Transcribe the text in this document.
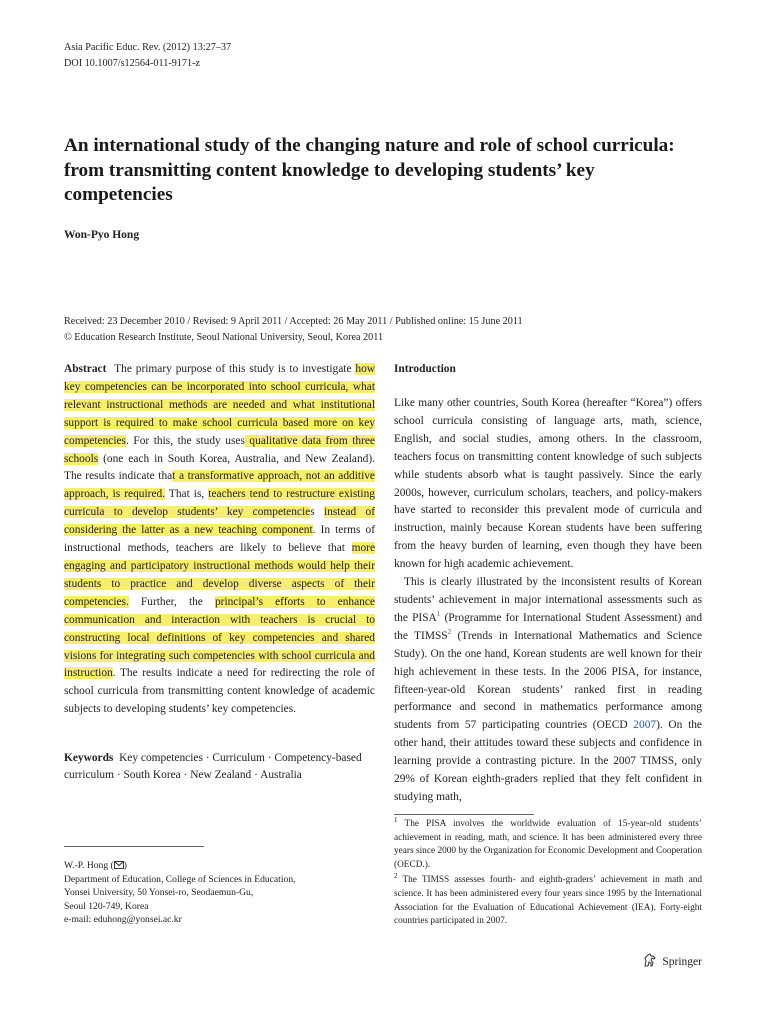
Asia Pacific Educ. Rev. (2012) 13:27–37
DOI 10.1007/s12564-011-9171-z
An international study of the changing nature and role of school curricula: from transmitting content knowledge to developing students’ key competencies
Won-Pyo Hong
Received: 23 December 2010 / Revised: 9 April 2011 / Accepted: 26 May 2011 / Published online: 15 June 2011
© Education Research Institute, Seoul National University, Seoul, Korea 2011

Abstract The primary purpose of this study is to investigate how key competencies can be incorporated into school curricula, what relevant instructional methods are needed and what institutional support is required to make school curricula based more on key competencies. For this, the study uses qualitative data from three schools (one each in South Korea, Australia, and New Zealand). The results indicate that a transformative approach, not an additive approach, is required. That is, teachers tend to restructure existing curricula to develop students’ key competencies instead of considering the latter as a new teaching component. In terms of instructional methods, teachers are likely to believe that more engaging and participatory instructional methods would help their students to practice and develop diverse aspects of their competencies. Further, the principal’s efforts to enhance communication and interaction with teachers is crucial to constructing local definitions of key competencies and shared visions for integrating such competencies with school curricula and instruction. The results indicate a need for redirecting the role of school curricula from transmitting content knowledge of academic subjects to developing students’ key competencies.

Keywords Key competencies · Curriculum · Competency-based curriculum · South Korea · New Zealand · Australia
W.-P. Hong ( )
Department of Education, College of Sciences in Education,
Yonsei University, 50 Yonsei-ro, Seodaemun-Gu,
Seoul 120-749, Korea
e-mail: eduhong@yonsei.ac.kr
Introduction

Like many other countries, South Korea (hereafter “Korea”) offers school curricula consisting of language arts, math, science, English, and social studies, among others. In the classroom, teachers focus on transmitting content knowledge of such subjects while students absorb what is taught passively. Since the early 2000s, however, curriculum scholars, teachers, and policy-makers have started to reconsider this prevalent mode of curricula and instruction, mainly because Korean students have been suffering from the heavy burden of learning, even though they have been known for high academic achievement.

This is clearly illustrated by the inconsistent results of Korean students’ achievement in major international assessments such as the PISA$^1$ (Programme for International Student Assessment) and the TIMSS$^2$ (Trends in International Mathematics and Science Study). On the one hand, Korean students are well known for their high achievement in these tests. In the 2006 PISA, for instance, fifteen-year-old Korean students’ ranked first in reading performance and second in mathematics performance among students from 57 participating countries (OECD 2007). On the other hand, their attitudes toward these subjects and confidence in learning provide a contrasting picture. In the 2007 TIMSS, only 29% of Korean eighth-graders replied that they felt confident in studying math,

$^1$ The PISA involves the worldwide evaluation of 15-year-old students’ achievement in reading, math, and science. It has been administered every three years since 2000 by the Organization for Economic Development and Cooperation (OECD.).

$^2$ The TIMSS assesses fourth- and eighth-graders’ achievement in math and science. It has been administered every four years since 1995 by the International Association for the Evaluation of Educational Achievement (IEA). Forty-eight countries participated in 2007.

Springer
